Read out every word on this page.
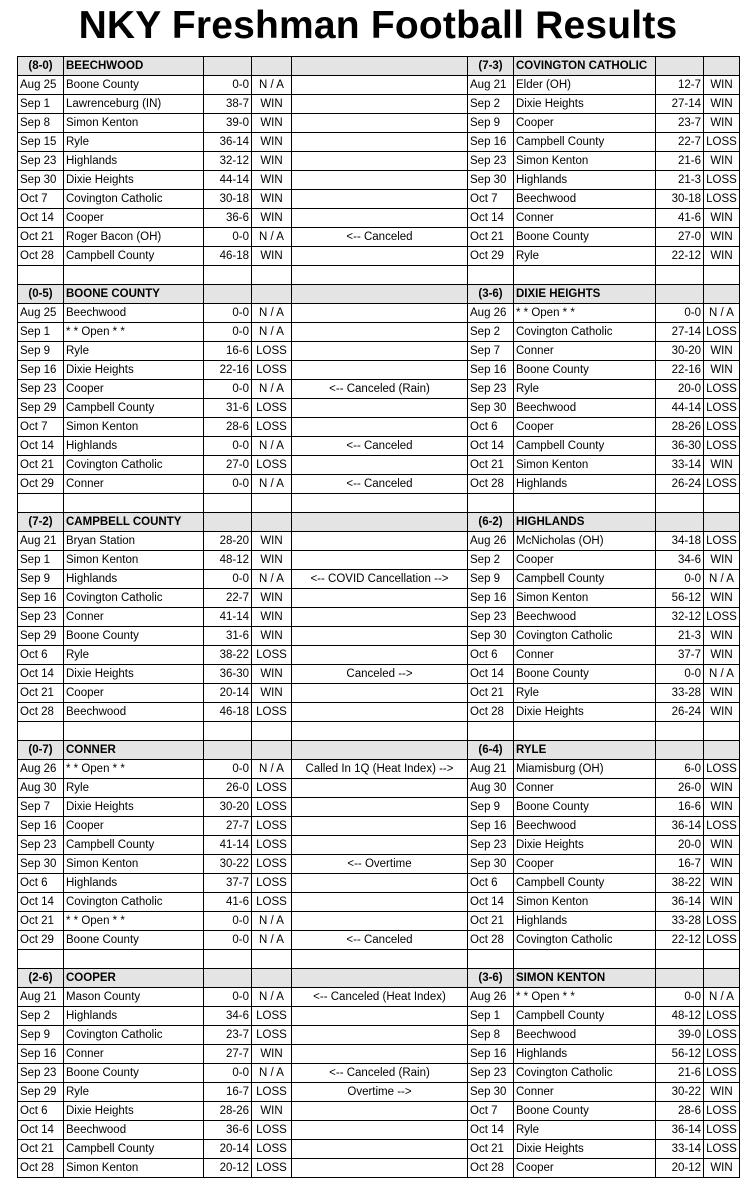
NKY Freshman Football Results
(8-0)	BEECHWOOD				(7-3)	COVINGTON CATHOLIC		
Aug 25	Boone County	0-0	N / A		Aug 21	Elder (OH)	12-7	WIN
Sep 1	Lawrenceburg (IN)	38-7	WIN		Sep 2	Dixie Heights	27-14	WIN
Sep 8	Simon Kenton	39-0	WIN		Sep 9	Cooper	23-7	WIN
Sep 15	Ryle	36-14	WIN		Sep 16	Campbell County	22-7	LOSS
Sep 23	Highlands	32-12	WIN		Sep 23	Simon Kenton	21-6	WIN
Sep 30	Dixie Heights	44-14	WIN		Sep 30	Highlands	21-3	LOSS
Oct 7	Covington Catholic	30-18	WIN		Oct 7	Beechwood	30-18	LOSS
Oct 14	Cooper	36-6	WIN		Oct 14	Conner	41-6	WIN
Oct 21	Roger Bacon (OH)	0-0	N / A	<-- Canceled	Oct 21	Boone County	27-0	WIN
Oct 28	Campbell County	46-18	WIN		Oct 29	Ryle	22-12	WIN

(0-5)	BOONE COUNTY				(3-6)	DIXIE HEIGHTS		
Aug 25	Beechwood	0-0	N / A		Aug 26	* * Open * *	0-0	N / A
Sep 1	* * Open * *	0-0	N / A		Sep 2	Covington Catholic	27-14	LOSS
Sep 9	Ryle	16-6	LOSS		Sep 7	Conner	30-20	WIN
Sep 16	Dixie Heights	22-16	LOSS		Sep 16	Boone County	22-16	WIN
Sep 23	Cooper	0-0	N / A	<-- Canceled (Rain)	Sep 23	Ryle	20-0	LOSS
Sep 29	Campbell County	31-6	LOSS		Sep 30	Beechwood	44-14	LOSS
Oct 7	Simon Kenton	28-6	LOSS		Oct 6	Cooper	28-26	LOSS
Oct 14	Highlands	0-0	N / A	<-- Canceled	Oct 14	Campbell County	36-30	LOSS
Oct 21	Covington Catholic	27-0	LOSS		Oct 21	Simon Kenton	33-14	WIN
Oct 29	Conner	0-0	N / A	<-- Canceled	Oct 28	Highlands	26-24	LOSS

(7-2)	CAMPBELL COUNTY				(6-2)	HIGHLANDS		
Aug 21	Bryan Station	28-20	WIN		Aug 26	McNicholas (OH)	34-18	LOSS
Sep 1	Simon Kenton	48-12	WIN		Sep 2	Cooper	34-6	WIN
Sep 9	Highlands	0-0	N / A	<-- COVID Cancellation -->	Sep 9	Campbell County	0-0	N / A
Sep 16	Covington Catholic	22-7	WIN		Sep 16	Simon Kenton	56-12	WIN
Sep 23	Conner	41-14	WIN		Sep 23	Beechwood	32-12	LOSS
Sep 29	Boone County	31-6	WIN		Sep 30	Covington Catholic	21-3	WIN
Oct 6	Ryle	38-22	LOSS		Oct 6	Conner	37-7	WIN
Oct 14	Dixie Heights	36-30	WIN	Canceled -->	Oct 14	Boone County	0-0	N / A
Oct 21	Cooper	20-14	WIN		Oct 21	Ryle	33-28	WIN
Oct 28	Beechwood	46-18	LOSS		Oct 28	Dixie Heights	26-24	WIN

(0-7)	CONNER				(6-4)	RYLE		
Aug 26	* * Open * *	0-0	N / A	Called In 1Q (Heat Index) -->	Aug 21	Miamisburg (OH)	6-0	LOSS
Aug 30	Ryle	26-0	LOSS		Aug 30	Conner	26-0	WIN
Sep 7	Dixie Heights	30-20	LOSS		Sep 9	Boone County	16-6	WIN
Sep 16	Cooper	27-7	LOSS		Sep 16	Beechwood	36-14	LOSS
Sep 23	Campbell County	41-14	LOSS		Sep 23	Dixie Heights	20-0	WIN
Sep 30	Simon Kenton	30-22	LOSS	<-- Overtime	Sep 30	Cooper	16-7	WIN
Oct 6	Highlands	37-7	LOSS		Oct 6	Campbell County	38-22	WIN
Oct 14	Covington Catholic	41-6	LOSS		Oct 14	Simon Kenton	36-14	WIN
Oct 21	* * Open * *	0-0	N / A		Oct 21	Highlands	33-28	LOSS
Oct 29	Boone County	0-0	N / A	<-- Canceled	Oct 28	Covington Catholic	22-12	LOSS

(2-6)	COOPER				(3-6)	SIMON KENTON		
Aug 21	Mason County	0-0	N / A	<-- Canceled (Heat Index)	Aug 26	* * Open * *	0-0	N / A
Sep 2	Highlands	34-6	LOSS		Sep 1	Campbell County	48-12	LOSS
Sep 9	Covington Catholic	23-7	LOSS		Sep 8	Beechwood	39-0	LOSS
Sep 16	Conner	27-7	WIN		Sep 16	Highlands	56-12	LOSS
Sep 23	Boone County	0-0	N / A	<-- Canceled (Rain)	Sep 23	Covington Catholic	21-6	LOSS
Sep 29	Ryle	16-7	LOSS	Overtime -->	Sep 30	Conner	30-22	WIN
Oct 6	Dixie Heights	28-26	WIN		Oct 7	Boone County	28-6	LOSS
Oct 14	Beechwood	36-6	LOSS		Oct 14	Ryle	36-14	LOSS
Oct 21	Campbell County	20-14	LOSS		Oct 21	Dixie Heights	33-14	LOSS
Oct 28	Simon Kenton	20-12	LOSS		Oct 28	Cooper	20-12	WIN
